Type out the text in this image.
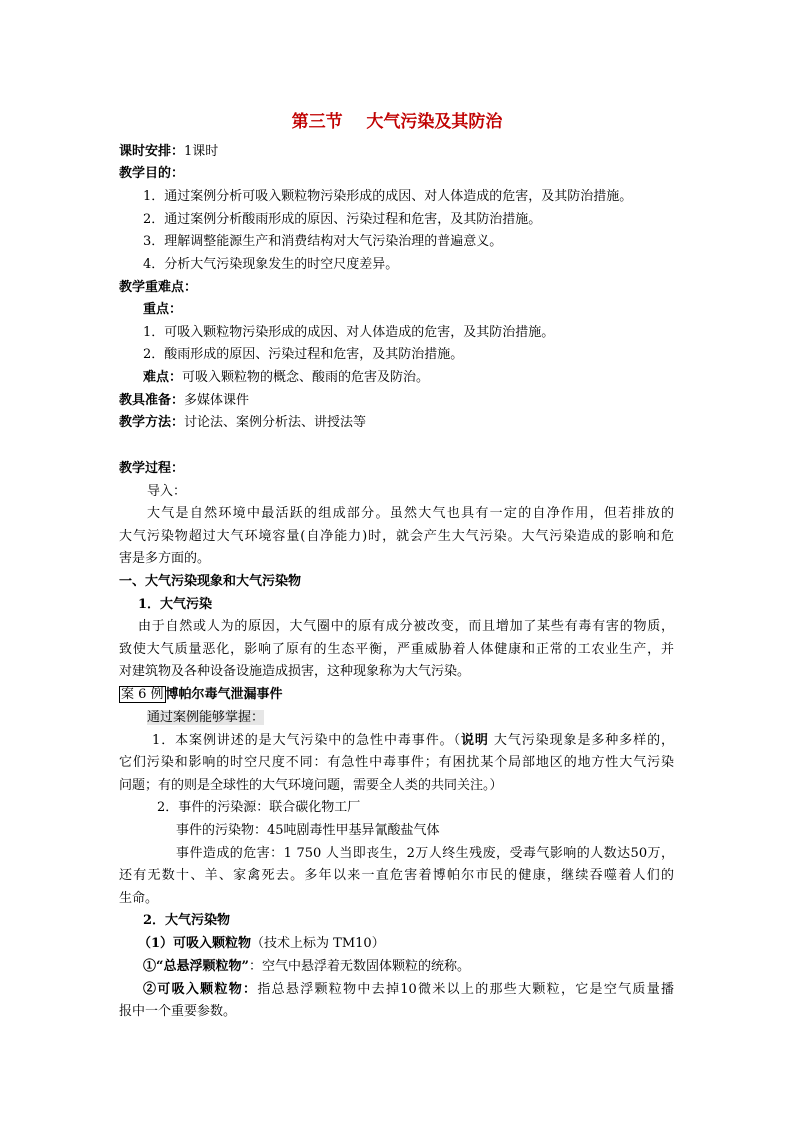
第三节    大气污染及其防治
课时安排：1课时
教学目的：
1．通过案例分析可吸入颗粒物污染形成的成因、对人体造成的危害，及其防治措施。
2．通过案例分析酸雨形成的原因、污染过程和危害，及其防治措施。
3．理解调整能源生产和消费结构对大气污染治理的普遍意义。
4．分析大气污染现象发生的时空尺度差异。
教学重难点：
重点：
1．可吸入颗粒物污染形成的成因、对人体造成的危害，及其防治措施。
2．酸雨形成的原因、污染过程和危害，及其防治措施。
难点：可吸入颗粒物的概念、酸雨的危害及防治。
教具准备：多媒体课件
教学方法：讨论法、案例分析法、讲授法等
教学过程：
导入：
大气是自然环境中最活跃的组成部分。虽然大气也具有一定的自净作用，但若排放的
大气污染物超过大气环境容量(自净能力)时，就会产生大气污染。大气污染造成的影响和危
害是多方面的。
一、大气污染现象和大气污染物
1．大气污染
由于自然或人为的原因，大气圈中的原有成分被改变，而且增加了某些有毒有害的物质，
致使大气质量恶化，影响了原有的生态平衡，严重威胁着人体健康和正常的工农业生产，并
对建筑物及各种设备设施造成损害，这种现象称为大气污染。
案 6 例 博帕尔毒气泄漏事件
通过案例能够掌握：
1．本案例讲述的是大气污染中的急性中毒事件。（说明 大气污染现象是多种多样的，
它们污染和影响的时空尺度不同：有急性中毒事件；有困扰某个局部地区的地方性大气污染
问题；有的则是全球性的大气环境问题，需要全人类的共同关注。）
2．事件的污染源：联合碳化物工厂
事件的污染物：45吨剧毒性甲基异氰酸盐气体
事件造成的危害：1 750 人当即丧生，2万人终生残废，受毒气影响的人数达50万，
还有无数十、羊、家禽死去。多年以来一直危害着博帕尔市民的健康，继续吞噬着人们的
生命。
2．大气污染物
（1）可吸入颗粒物（技术上标为 TM10）
①“总悬浮颗粒物”：空气中悬浮着无数固体颗粒的统称。
②可吸入颗粒物：指总悬浮颗粒物中去掉10微米以上的那些大颗粒，它是空气质量播
报中一个重要参数。
